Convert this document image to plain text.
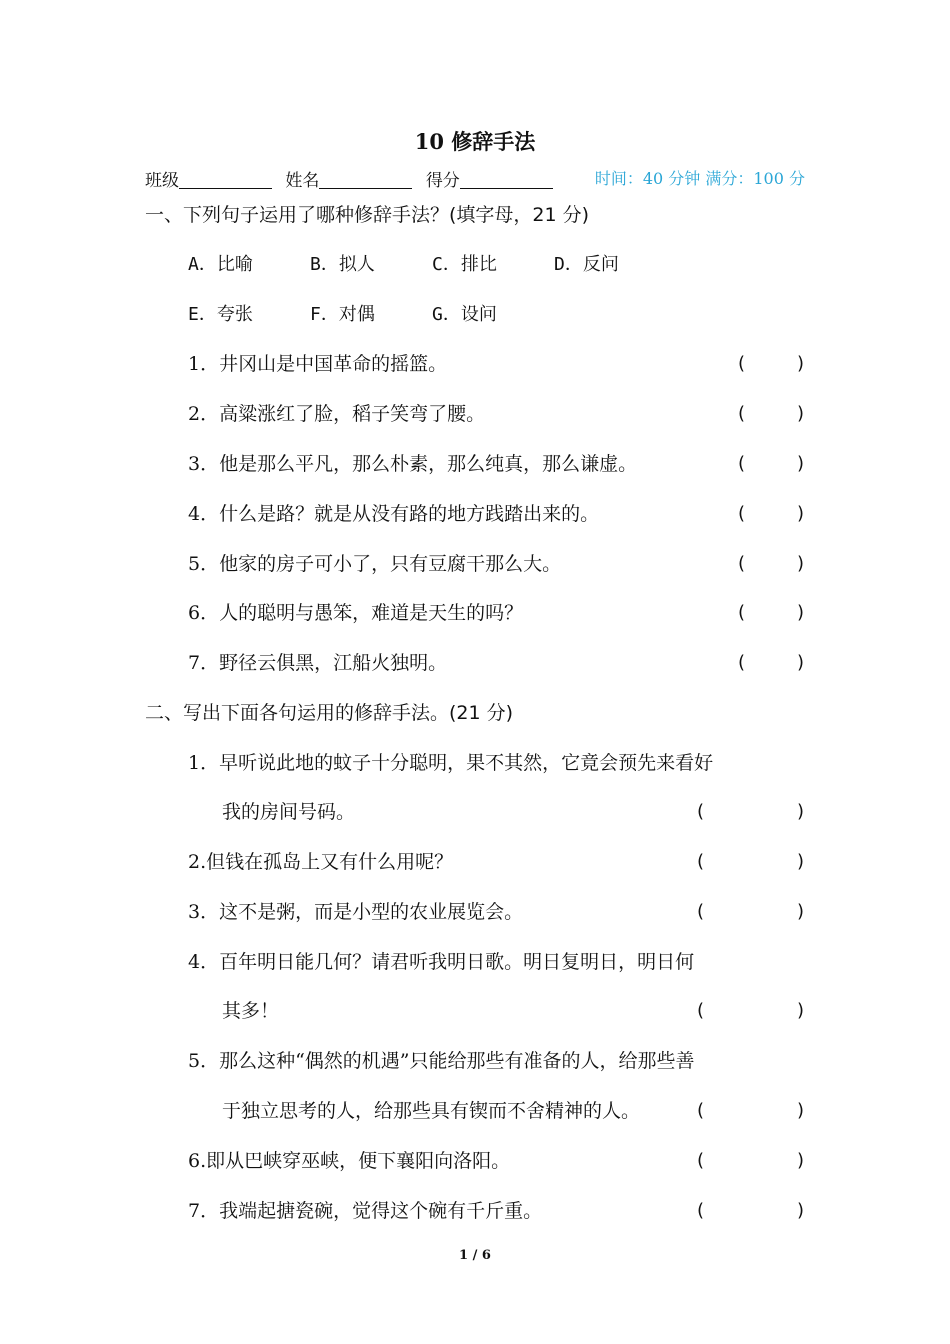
10 修辞手法
班级	姓名	得分	时间：40 分钟 满分：100 分
一、下列句子运用了哪种修辞手法？(填字母，21 分)
A．比喻	B．拟人	C．排比	D．反问
E．夸张	F．对偶	G．设问
1．井冈山是中国革命的摇篮。	(	)
2．高粱涨红了脸，稻子笑弯了腰。	(	)
3．他是那么平凡，那么朴素，那么纯真，那么谦虚。	(	)
4．什么是路？就是从没有路的地方践踏出来的。	(	)
5．他家的房子可小了，只有豆腐干那么大。	(	)
6．人的聪明与愚笨，难道是天生的吗？	(	)
7．野径云俱黑，江船火独明。	(	)
二、写出下面各句运用的修辞手法。(21 分)
1．早听说此地的蚊子十分聪明，果不其然，它竟会预先来看好
我的房间号码。	(	)
2.但钱在孤岛上又有什么用呢？	(	)
3．这不是粥，而是小型的农业展览会。	(	)
4．百年明日能几何？请君听我明日歌。明日复明日，明日何
其多！	(	)
5．那么这种“偶然的机遇”只能给那些有准备的人，给那些善
于独立思考的人，给那些具有锲而不舍精神的人。	(	)
6.即从巴峡穿巫峡，便下襄阳向洛阳。	(	)
7．我端起搪瓷碗，觉得这个碗有千斤重。	(	)
1 / 6
